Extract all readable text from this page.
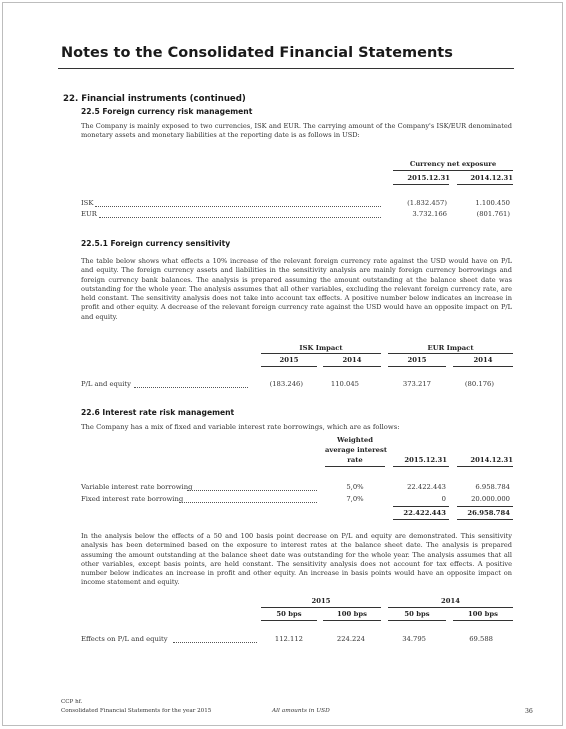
Notes to the Consolidated Financial Statements
22. Financial instruments (continued)
22.5 Foreign currency risk management
The Company is mainly exposed to two currencies, ISK and EUR. The carrying amount of the Company's ISK/EUR denominated monetary assets and monetary liabilities at the reporting date is as follows in USD:
Currency net exposure
2015.12.31	2014.12.31
ISK	(1.832.457)	1.100.450
EUR	3.732.166	(801.761)
22.5.1 Foreign currency sensitivity
The table below shows what effects a 10% increase of the relevant foreign currency rate against the USD would have on P/L and equity. The foreign currency assets and liabilities in the sensitivity analysis are mainly foreign currency borrowings and foreign currency bank balances. The analysis is prepared assuming the amount outstanding at the balance sheet date was outstanding for the whole year. The analysis assumes that all other variables, excluding the relevant foreign currency rate, are held constant. The sensitivity analysis does not take into account tax effects. A positive number below indicates an increase in profit and other equity. A decrease of the relevant foreign currency rate against the USD would have an opposite impact on P/L and equity.
ISK Impact	EUR Impact
2015	2014	2015	2014
P/L and equity	(183.246)	110.045	373.217	(80.176)
22.6 Interest rate risk management
The Company has a mix of fixed and variable interest rate borrowings, which are as follows:
Weighted
average interest
rate	2015.12.31	2014.12.31
Variable interest rate borrowing	5,0%	22.422.443	6.958.784
Fixed interest rate borrowing	7,0%	0	20.000.000
22.422.443	26.958.784
In the analysis below the effects of a 50 and 100 basis point decrease on P/L and equity are demonstrated. This sensitivity analysis has been determined based on the exposure to interest rates at the balance sheet date. The analysis is prepared assuming the amount outstanding at the balance sheet date was outstanding for the whole year. The analysis assumes that all other variables, except basis points, are held constant. The sensitivity analysis does not account for tax effects. A positive number below indicates an increase in profit and other equity. An increase in basis points would have an opposite impact on income statement and equity.
2015	2014
50 bps	100 bps	50 bps	100 bps
Effects on P/L and equity	112.112	224.224	34.795	69.588
CCP hf.
Consolidated Financial Statements for the year 2015	All amounts in USD	36
